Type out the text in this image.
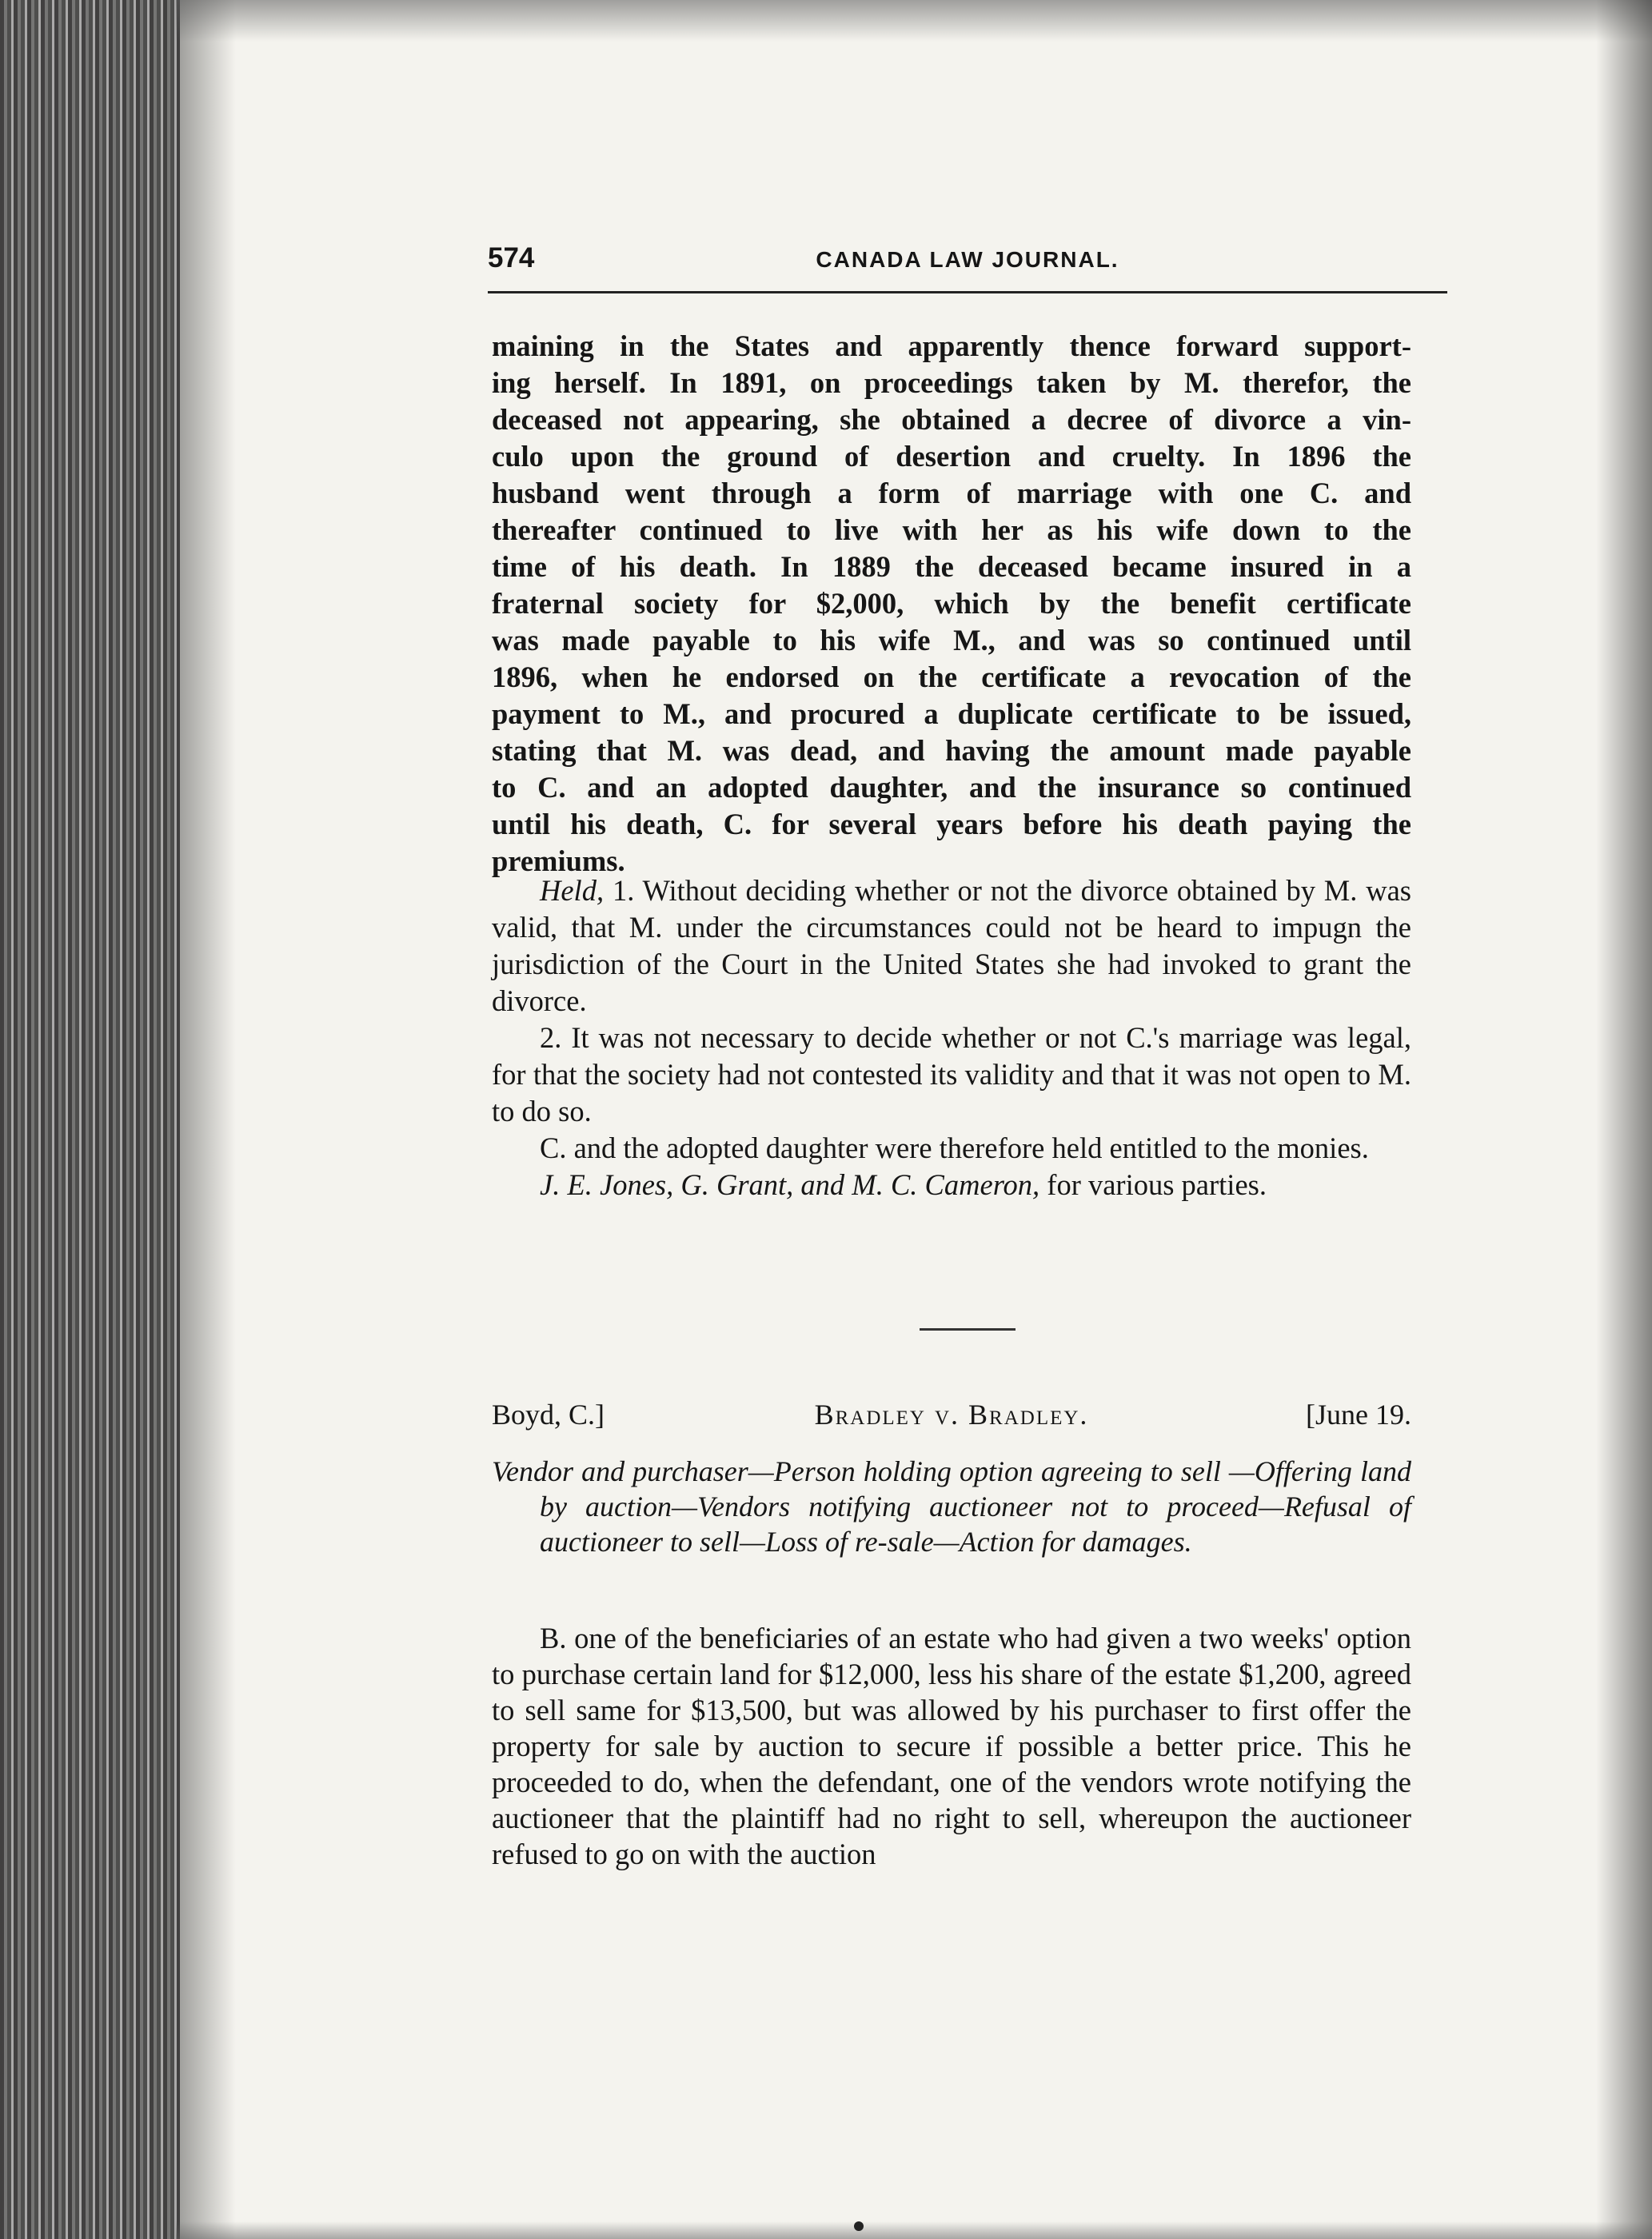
574	CANADA LAW JOURNAL.
maining in the States and apparently thence forward support-
ing herself. In 1891, on proceedings taken by M. therefor, the
deceased not appearing, she obtained a decree of divorce a vin-
culo upon the ground of desertion and cruelty. In 1896 the
husband went through a form of marriage with one C. and
thereafter continued to live with her as his wife down to the
time of his death. In 1889 the deceased became insured in a
fraternal society for $2,000, which by the benefit certificate
was made payable to his wife M., and was so continued until
1896, when he endorsed on the certificate a revocation of the
payment to M., and procured a duplicate certificate to be issued,
stating that M. was dead, and having the amount made payable
to C. and an adopted daughter, and the insurance so continued
until his death, C. for several years before his death paying the
premiums.

Held, 1. Without deciding whether or not the divorce obtained by M. was valid, that M. under the circumstances could not be heard to impugn the jurisdiction of the Court in the United States she had invoked to grant the divorce.

2. It was not necessary to decide whether or not C.'s marriage was legal, for that the society had not contested its validity and that it was not open to M. to do so.

C. and the adopted daughter were therefore held entitled to the monies.

J. E. Jones, G. Grant, and M. C. Cameron, for various parties.

Boyd, C.]	Bradley v. Bradley.	[June 19.

Vendor and purchaser—Person holding option agreeing to sell —Offering land by auction—Vendors notifying auctioneer not to proceed—Refusal of auctioneer to sell—Loss of re-sale—Action for damages.

B. one of the beneficiaries of an estate who had given a two weeks' option to purchase certain land for $12,000, less his share of the estate $1,200, agreed to sell same for $13,500, but was allowed by his purchaser to first offer the property for sale by auction to secure if possible a better price. This he proceeded to do, when the defendant, one of the vendors wrote notifying the auctioneer that the plaintiff had no right to sell, whereupon the auctioneer refused to go on with the auction
